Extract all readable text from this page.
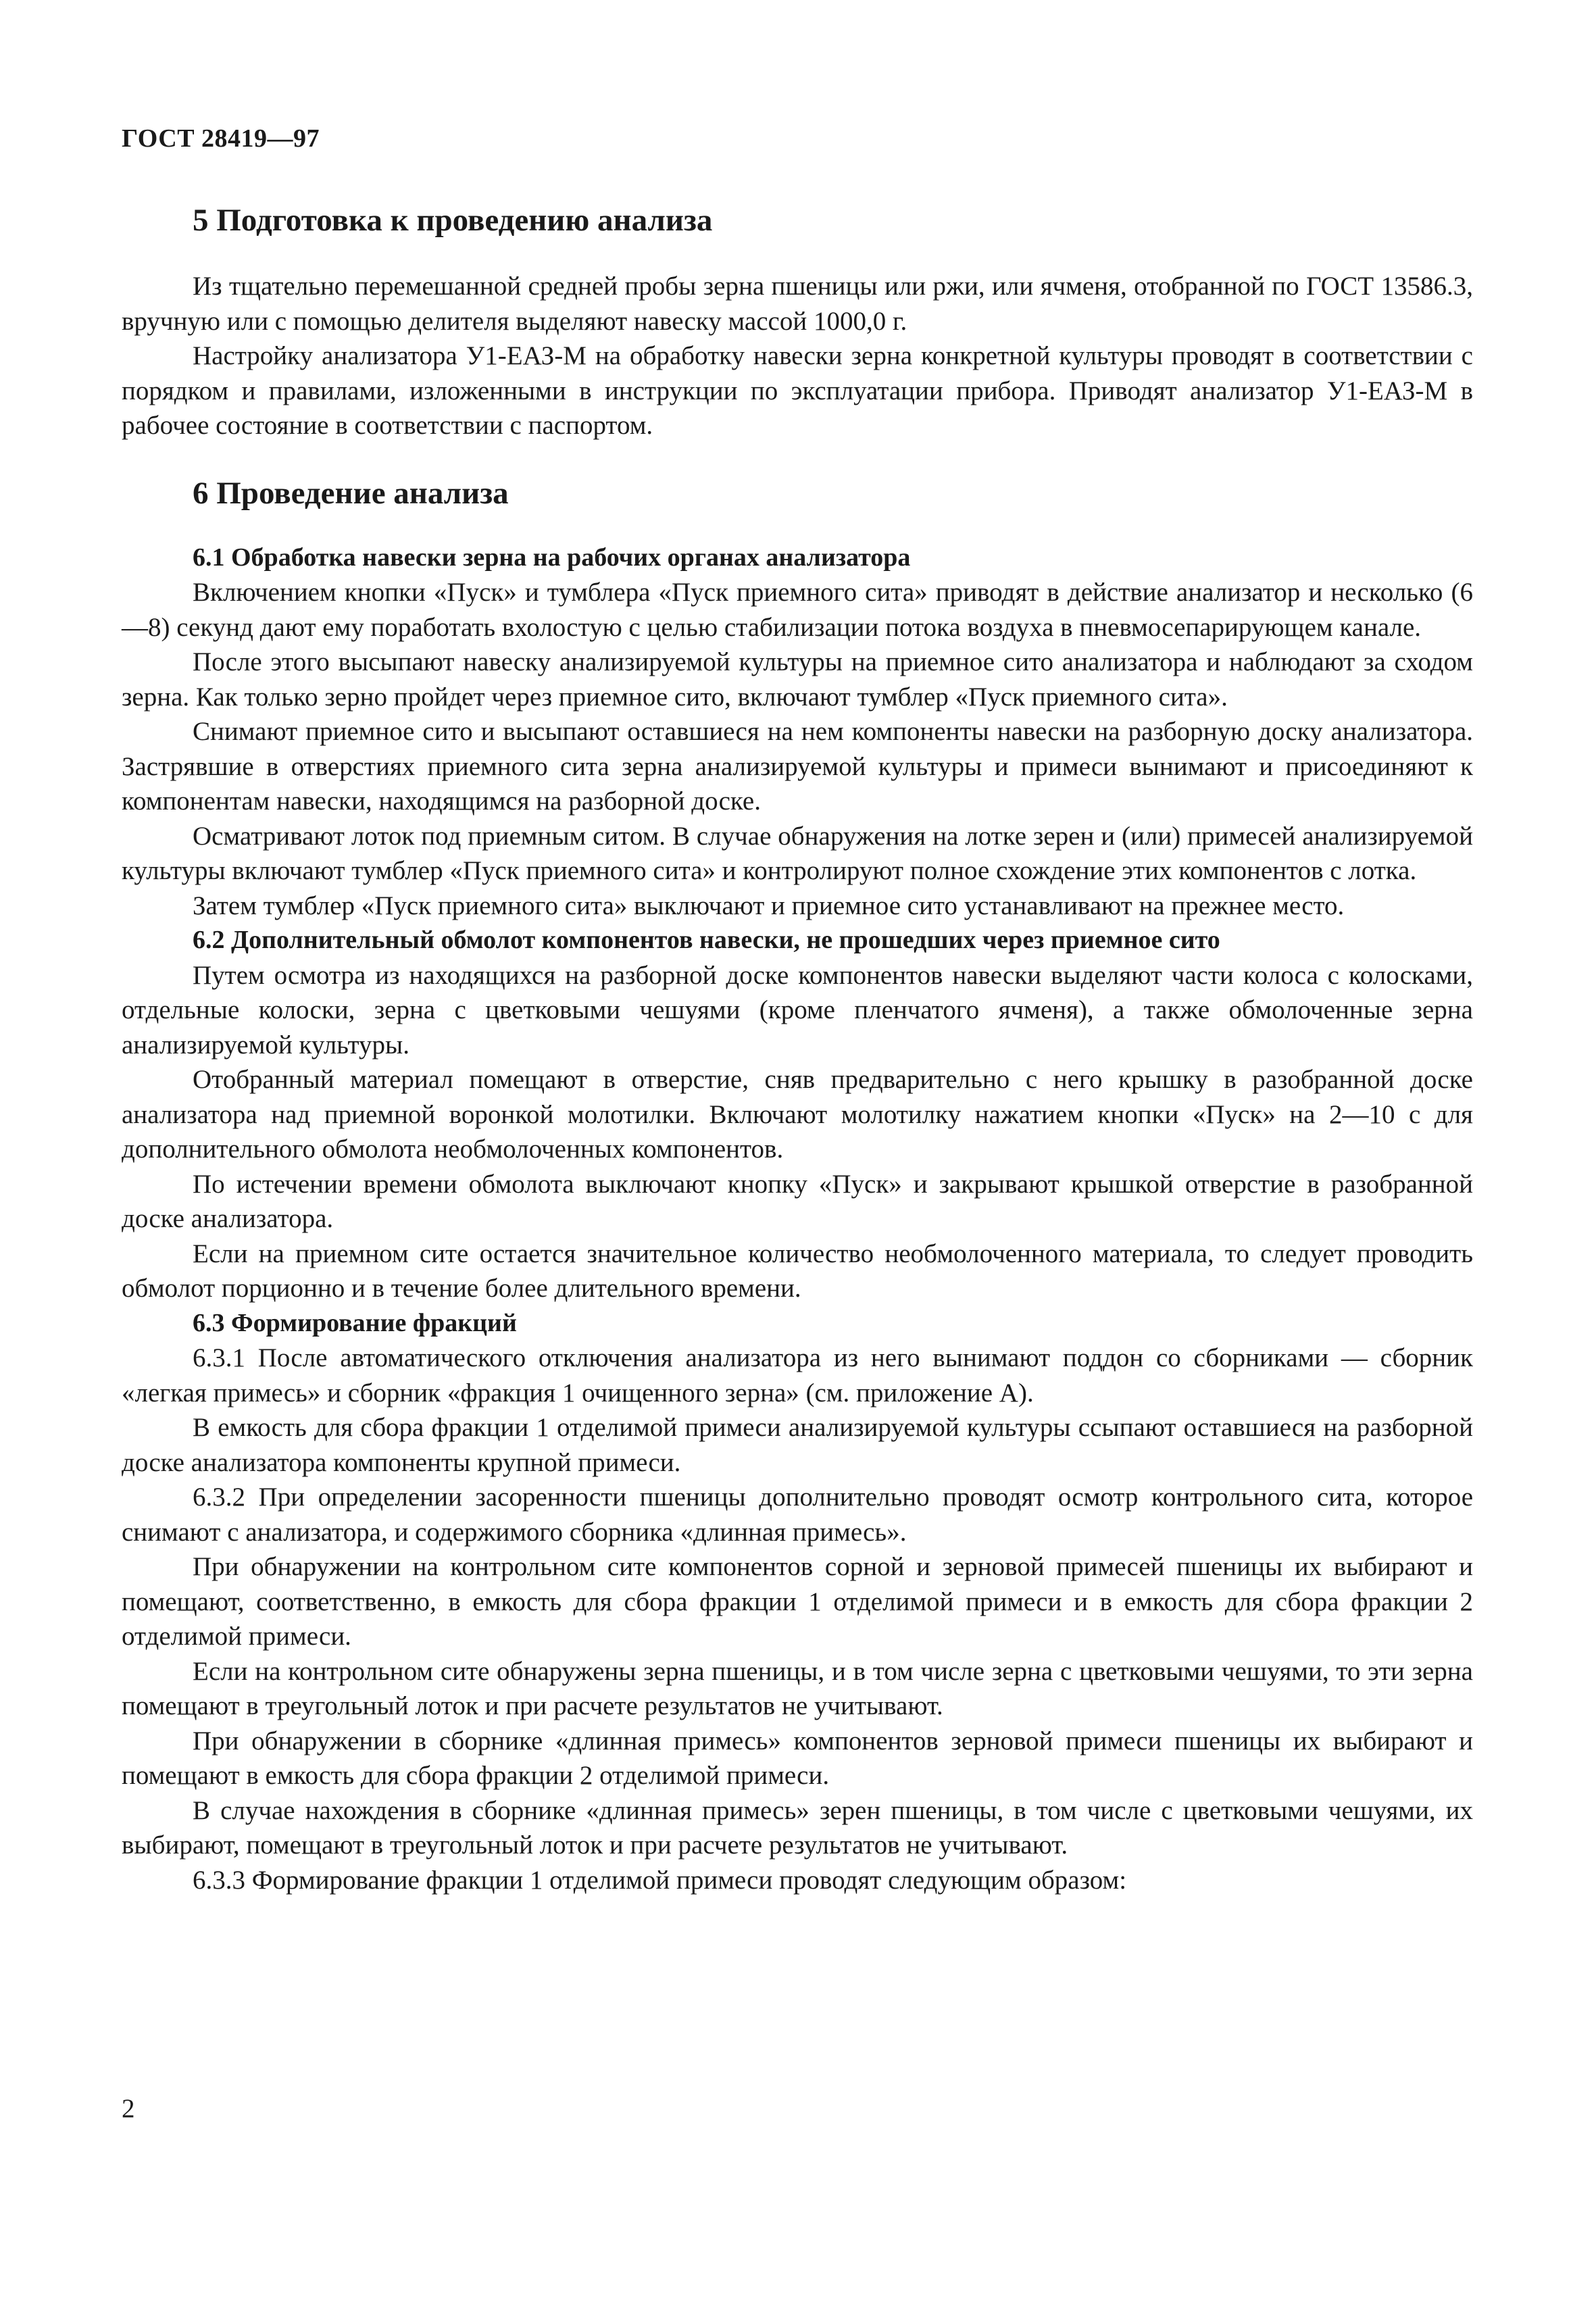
ГОСТ 28419—97
5 Подготовка к проведению анализа

Из тщательно перемешанной средней пробы зерна пшеницы или ржи, или ячменя, отобранной по ГОСТ 13586.3, вручную или с помощью делителя выделяют навеску массой 1000,0 г.

Настройку анализатора У1-ЕАЗ-М на обработку навески зерна конкретной культуры проводят в соответствии с порядком и правилами, изложенными в инструкции по эксплуатации прибора. Приводят анализатор У1-ЕАЗ-М в рабочее состояние в соответствии с паспортом.

6 Проведение анализа
6.1 Обработка навески зерна на рабочих органах анализатора

Включением кнопки «Пуск» и тумблера «Пуск приемного сита» приводят в действие анализатор и несколько (6—8) секунд дают ему поработать вхолостую с целью стабилизации потока воздуха в пневмосепарирующем канале.

После этого высыпают навеску анализируемой культуры на приемное сито анализатора и наблюдают за сходом зерна. Как только зерно пройдет через приемное сито, включают тумблер «Пуск приемного сита».

Снимают приемное сито и высыпают оставшиеся на нем компоненты навески на разборную доску анализатора. Застрявшие в отверстиях приемного сита зерна анализируемой культуры и примеси вынимают и присоединяют к компонентам навески, находящимся на разборной доске.

Осматривают лоток под приемным ситом. В случае обнаружения на лотке зерен и (или) примесей анализируемой культуры включают тумблер «Пуск приемного сита» и контролируют полное схождение этих компонентов с лотка.

Затем тумблер «Пуск приемного сита» выключают и приемное сито устанавливают на прежнее место.

6.2 Дополнительный обмолот компонентов навески, не прошедших через приемное сито

Путем осмотра из находящихся на разборной доске компонентов навески выделяют части колоса с колосками, отдельные колоски, зерна с цветковыми чешуями (кроме пленчатого ячменя), а также обмолоченные зерна анализируемой культуры.

Отобранный материал помещают в отверстие, сняв предварительно с него крышку в разобранной доске анализатора над приемной воронкой молотилки. Включают молотилку нажатием кнопки «Пуск» на 2—10 с для дополнительного обмолота необмолоченных компонентов.

По истечении времени обмолота выключают кнопку «Пуск» и закрывают крышкой отверстие в разобранной доске анализатора.

Если на приемном сите остается значительное количество необмолоченного материала, то следует проводить обмолот порционно и в течение более длительного времени.

6.3 Формирование фракций

6.3.1 После автоматического отключения анализатора из него вынимают поддон со сборниками — сборник «легкая примесь» и сборник «фракция 1 очищенного зерна» (см. приложение А).

В емкость для сбора фракции 1 отделимой примеси анализируемой культуры ссыпают оставшиеся на разборной доске анализатора компоненты крупной примеси.

6.3.2 При определении засоренности пшеницы дополнительно проводят осмотр контрольного сита, которое снимают с анализатора, и содержимого сборника «длинная примесь».

При обнаружении на контрольном сите компонентов сорной и зерновой примесей пшеницы их выбирают и помещают, соответственно, в емкость для сбора фракции 1 отделимой примеси и в емкость для сбора фракции 2 отделимой примеси.

Если на контрольном сите обнаружены зерна пшеницы, и в том числе зерна с цветковыми чешуями, то эти зерна помещают в треугольный лоток и при расчете результатов не учитывают.

При обнаружении в сборнике «длинная примесь» компонентов зерновой примеси пшеницы их выбирают и помещают в емкость для сбора фракции 2 отделимой примеси.

В случае нахождения в сборнике «длинная примесь» зерен пшеницы, в том числе с цветковыми чешуями, их выбирают, помещают в треугольный лоток и при расчете результатов не учитывают.

6.3.3 Формирование фракции 1 отделимой примеси проводят следующим образом:

2
